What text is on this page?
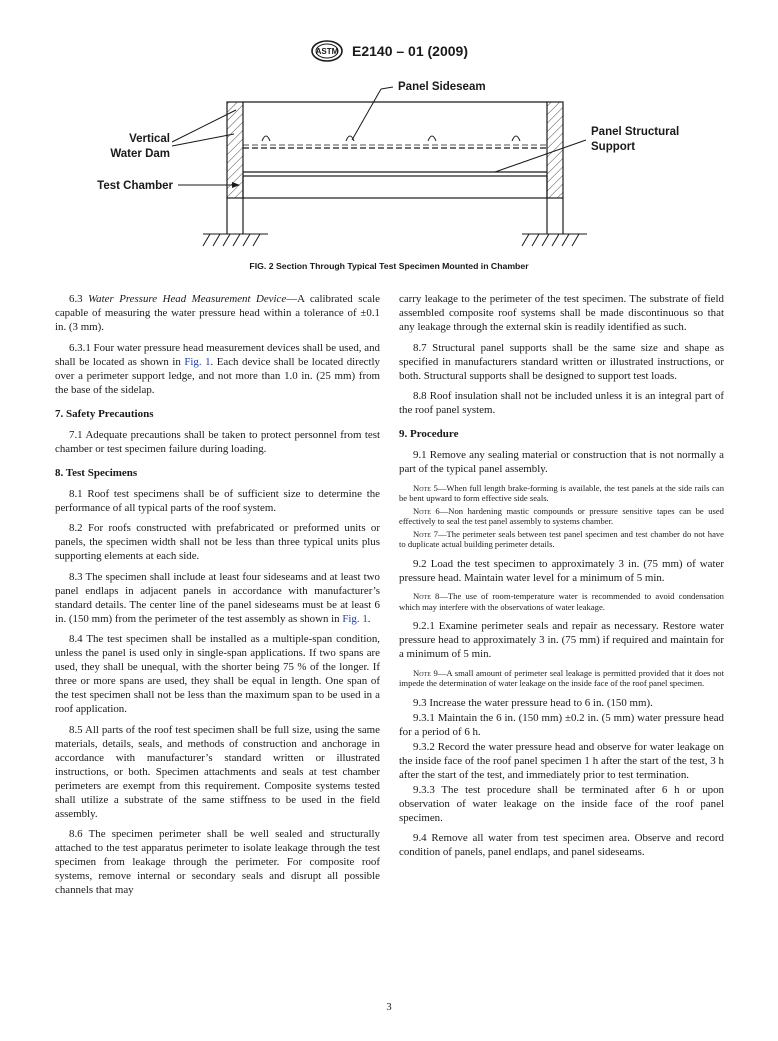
ASTM E2140 – 01 (2009)
Panel Sideseam
Vertical
Water Dam
Panel Structural
Support
Test Chamber
FIG. 2 Section Through Typical Test Specimen Mounted in Chamber

6.3 Water Pressure Head Measurement Device—A calibrated scale capable of measuring the water pressure head within a tolerance of ±0.1 in. (3 mm).

6.3.1 Four water pressure head measurement devices shall be used, and shall be located as shown in Fig. 1. Each device shall be located directly over a perimeter support ledge, and not more than 1.0 in. (25 mm) from the base of the sidelap.

7. Safety Precautions

7.1 Adequate precautions shall be taken to protect personnel from test chamber or test specimen failure during loading.

8. Test Specimens

8.1 Roof test specimens shall be of sufficient size to determine the performance of all typical parts of the roof system.

8.2 For roofs constructed with prefabricated or preformed units or panels, the specimen width shall not be less than three typical units plus supporting elements at each side.

8.3 The specimen shall include at least four sideseams and at least two panel endlaps in adjacent panels in accordance with manufacturer’s standard details. The center line of the panel sideseams must be at least 6 in. (150 mm) from the perimeter of the test assembly as shown in Fig. 1.

8.4 The test specimen shall be installed as a multiple-span condition, unless the panel is used only in single-span applications. If two spans are used, they shall be unequal, with the shorter being 75 % of the longer. If three or more spans are used, they shall be equal in length. One span of the test specimen shall not be less than the maximum span to be used in a roof application.

8.5 All parts of the roof test specimen shall be full size, using the same materials, details, seals, and methods of construction and anchorage in accordance with manufacturer’s standard written or illustrated instructions, or both. Specimen attachments and seals at test chamber perimeters are exempt from this requirement. Composite systems tested shall utilize a substrate of the same stiffness to be used in the field assembly.

8.6 The specimen perimeter shall be well sealed and structurally attached to the test apparatus perimeter to isolate leakage through the test specimen from leakage through the perimeter. For composite roof systems, remove internal or secondary seals and disrupt all possible channels that may

carry leakage to the perimeter of the test specimen. The substrate of field assembled composite roof systems shall be made discontinuous so that any leakage through the external skin is readily identified as such.

8.7 Structural panel supports shall be the same size and shape as specified in manufacturers standard written or illustrated instructions, or both. Structural supports shall be designed to support test loads.

8.8 Roof insulation shall not be included unless it is an integral part of the roof panel system.

9. Procedure

9.1 Remove any sealing material or construction that is not normally a part of the typical panel assembly.

Note 5—When full length brake-forming is available, the test panels at the side rails can be bent upward to form effective side seals.

Note 6—Non hardening mastic compounds or pressure sensitive tapes can be used effectively to seal the test panel assembly to systems chamber.

Note 7—The perimeter seals between test panel specimen and test chamber do not have to duplicate actual building perimeter details.

9.2 Load the test specimen to approximately 3 in. (75 mm) of water pressure head. Maintain water level for a minimum of 5 min.

Note 8—The use of room-temperature water is recommended to avoid condensation which may interfere with the observations of water leakage.

9.2.1 Examine perimeter seals and repair as necessary. Restore water pressure head to approximately 3 in. (75 mm) if required and maintain for a minimum of 5 min.

Note 9—A small amount of perimeter seal leakage is permitted provided that it does not impede the determination of water leakage on the inside face of the roof panel specimen.

9.3 Increase the water pressure head to 6 in. (150 mm).

9.3.1 Maintain the 6 in. (150 mm) ±0.2 in. (5 mm) water pressure head for a period of 6 h.

9.3.2 Record the water pressure head and observe for water leakage on the inside face of the roof panel specimen 1 h after the start of the test, 3 h after the start of the test, and immediately prior to test termination.

9.3.3 The test procedure shall be terminated after 6 h or upon observation of water leakage on the inside face of the roof panel specimen.

9.4 Remove all water from test specimen area. Observe and record condition of panels, panel endlaps, and panel sideseams.

3
